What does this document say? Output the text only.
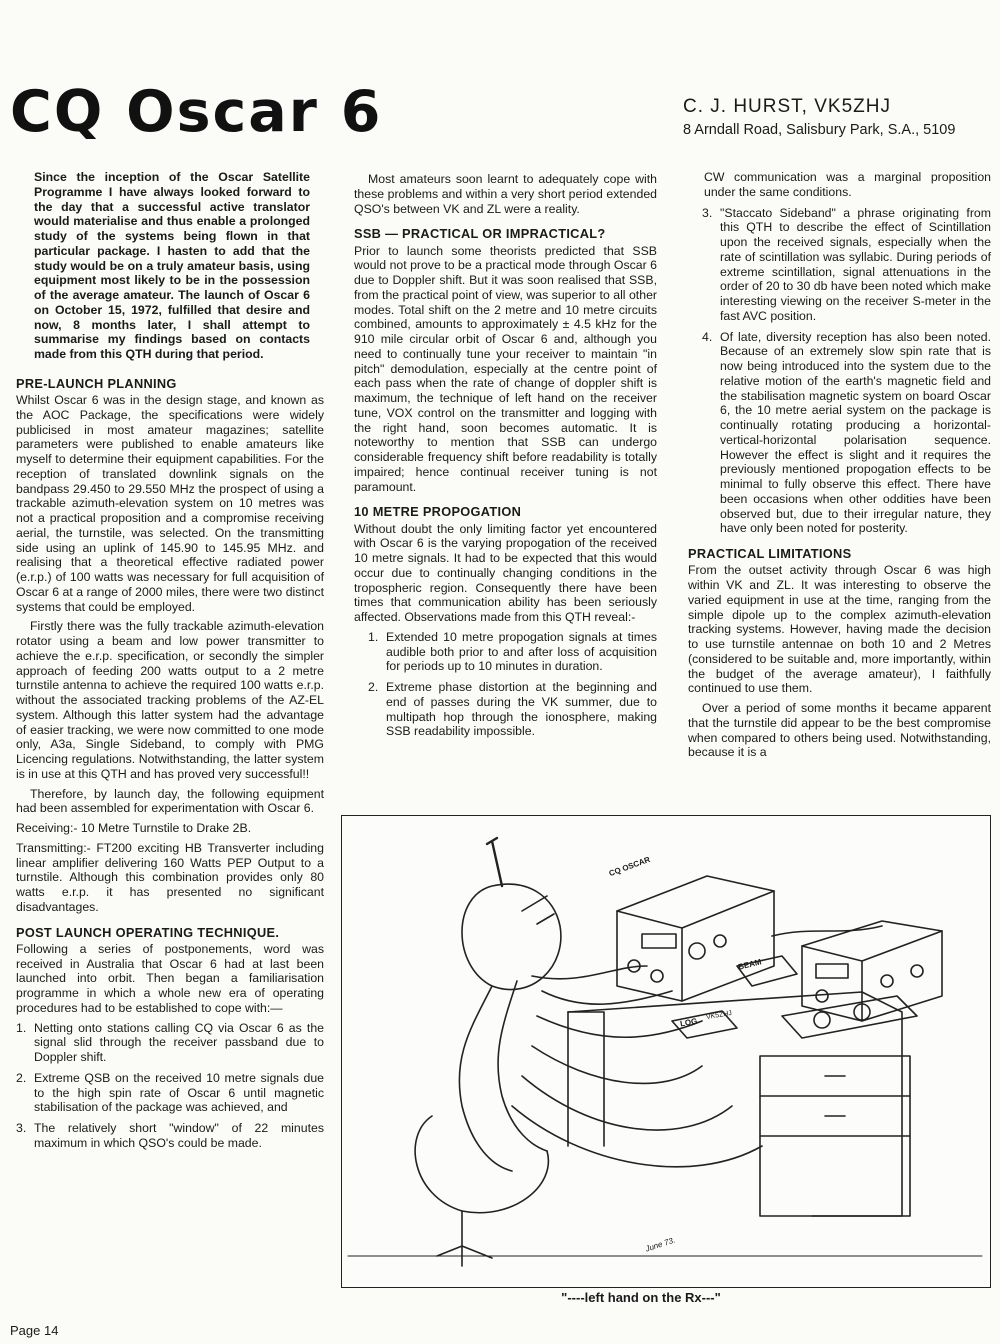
CQ Oscar 6	C. J. HURST, VK5ZHJ
8 Arndall Road, Salisbury Park, S.A., 5109

Since the inception of the Oscar Satellite Programme I have always looked forward to the day that a successful active translator would materialise and thus enable a prolonged study of the systems being flown in that particular package. I hasten to add that the study would be on a truly amateur basis, using equipment most likely to be in the possession of the average amateur. The launch of Oscar 6 on October 15, 1972, fulfilled that desire and now, 8 months later, I shall attempt to summarise my findings based on contacts made from this QTH during that period.

PRE-LAUNCH PLANNING

Whilst Oscar 6 was in the design stage, and known as the AOC Package, the specifications were widely publicised in most amateur magazines; satellite parameters were published to enable amateurs like myself to determine their equipment capabilities. For the reception of translated downlink signals on the bandpass 29.450 to 29.550 MHz the prospect of using a trackable azimuth-elevation system on 10 metres was not a practical proposition and a compromise receiving aerial, the turnstile, was selected. On the transmitting side using an uplink of 145.90 to 145.95 MHz. and realising that a theoretical effective radiated power (e.r.p.) of 100 watts was necessary for full acquisition of Oscar 6 at a range of 2000 miles, there were two distinct systems that could be employed.

Firstly there was the fully trackable azimuth-elevation rotator using a beam and low power transmitter to achieve the e.r.p. specification, or secondly the simpler approach of feeding 200 watts output to a 2 metre turnstile antenna to achieve the required 100 watts e.r.p. without the associated tracking problems of the AZ-EL system. Although this latter system had the advantage of easier tracking, we were now committed to one mode only, A3a, Single Sideband, to comply with PMG Licencing regulations. Notwithstanding, the latter system is in use at this QTH and has proved very successful!!

Therefore, by launch day, the following equipment had been assembled for experimentation with Oscar 6.

Receiving:- 10 Metre Turnstile to Drake 2B.

Transmitting:- FT200 exciting HB Transverter including linear amplifier delivering 160 Watts PEP Output to a turnstile. Although this combination provides only 80 watts e.r.p. it has presented no significant disadvantages.

POST LAUNCH OPERATING TECHNIQUE.

Following a series of postponements, word was received in Australia that Oscar 6 had at last been launched into orbit. Then began a familiarisation programme in which a whole new era of operating procedures had to be established to cope with:—

1. Netting onto stations calling CQ via Oscar 6 as the signal slid through the receiver passband due to Doppler shift.
2. Extreme QSB on the received 10 metre signals due to the high spin rate of Oscar 6 until magnetic stabilisation of the package was achieved, and
3. The relatively short "window" of 22 minutes maximum in which QSO's could be made.

Most amateurs soon learnt to adequately cope with these problems and within a very short period extended QSO's between VK and ZL were a reality.

SSB — PRACTICAL OR IMPRACTICAL?

Prior to launch some theorists predicted that SSB would not prove to be a practical mode through Oscar 6 due to Doppler shift. But it was soon realised that SSB, from the practical point of view, was superior to all other modes. Total shift on the 2 metre and 10 metre circuits combined, amounts to approximately ± 4.5 kHz for the 910 mile circular orbit of Oscar 6 and, although you need to continually tune your receiver to maintain "in pitch" demodulation, especially at the centre point of each pass when the rate of change of doppler shift is maximum, the technique of left hand on the receiver tune, VOX control on the transmitter and logging with the right hand, soon becomes automatic. It is noteworthy to mention that SSB can undergo considerable frequency shift before readability is totally impaired; hence continual receiver tuning is not paramount.

10 METRE PROPOGATION

Without doubt the only limiting factor yet encountered with Oscar 6 is the varying propogation of the received 10 metre signals. It had to be expected that this would occur due to continually changing conditions in the tropospheric region. Consequently there have been times that communication ability has been seriously affected. Observations made from this QTH reveal:-

1. Extended 10 metre propogation signals at times audible both prior to and after loss of acquisition for periods up to 10 minutes in duration.
2. Extreme phase distortion at the beginning and end of passes during the VK summer, due to multipath hop through the ionosphere, making SSB readability impossible.

CW communication was a marginal proposition under the same conditions.

3. "Staccato Sideband" a phrase originating from this QTH to describe the effect of Scintillation upon the received signals, especially when the rate of scintillation was syllabic. During periods of extreme scintillation, signal attenuations in the order of 20 to 30 db have been noted which make interesting viewing on the receiver S-meter in the fast AVC position.
4. Of late, diversity reception has also been noted. Because of an extremely slow spin rate that is now being introduced into the system due to the relative motion of the earth's magnetic field and the stabilisation magnetic system on board Oscar 6, the 10 metre aerial system on the package is continually rotating producing a horizontal-vertical-horizontal polarisation sequence. However the effect is slight and it requires the previously mentioned propogation effects to be minimal to fully observe this effect. There have been occasions when other oddities have been observed but, due to their irregular nature, they have only been noted for posterity.
PRACTICAL LIMITATIONS

From the outset activity through Oscar 6 was high within VK and ZL. It was interesting to observe the varied equipment in use at the time, ranging from the simple dipole up to the complex azimuth-elevation tracking systems. However, having made the decision to use turnstile antennae on both 10 and 2 Metres (considered to be suitable and, more importantly, within the budget of the average amateur), I faithfully continued to use them.

Over a period of some months it became apparent that the turnstile did appear to be the best compromise when compared to others being used. Notwithstanding, because it is a

"----left hand on the Rx---"
Page 14
CQ OSCAR
BEAM
LOG
VK5ZHJ
June 73.
